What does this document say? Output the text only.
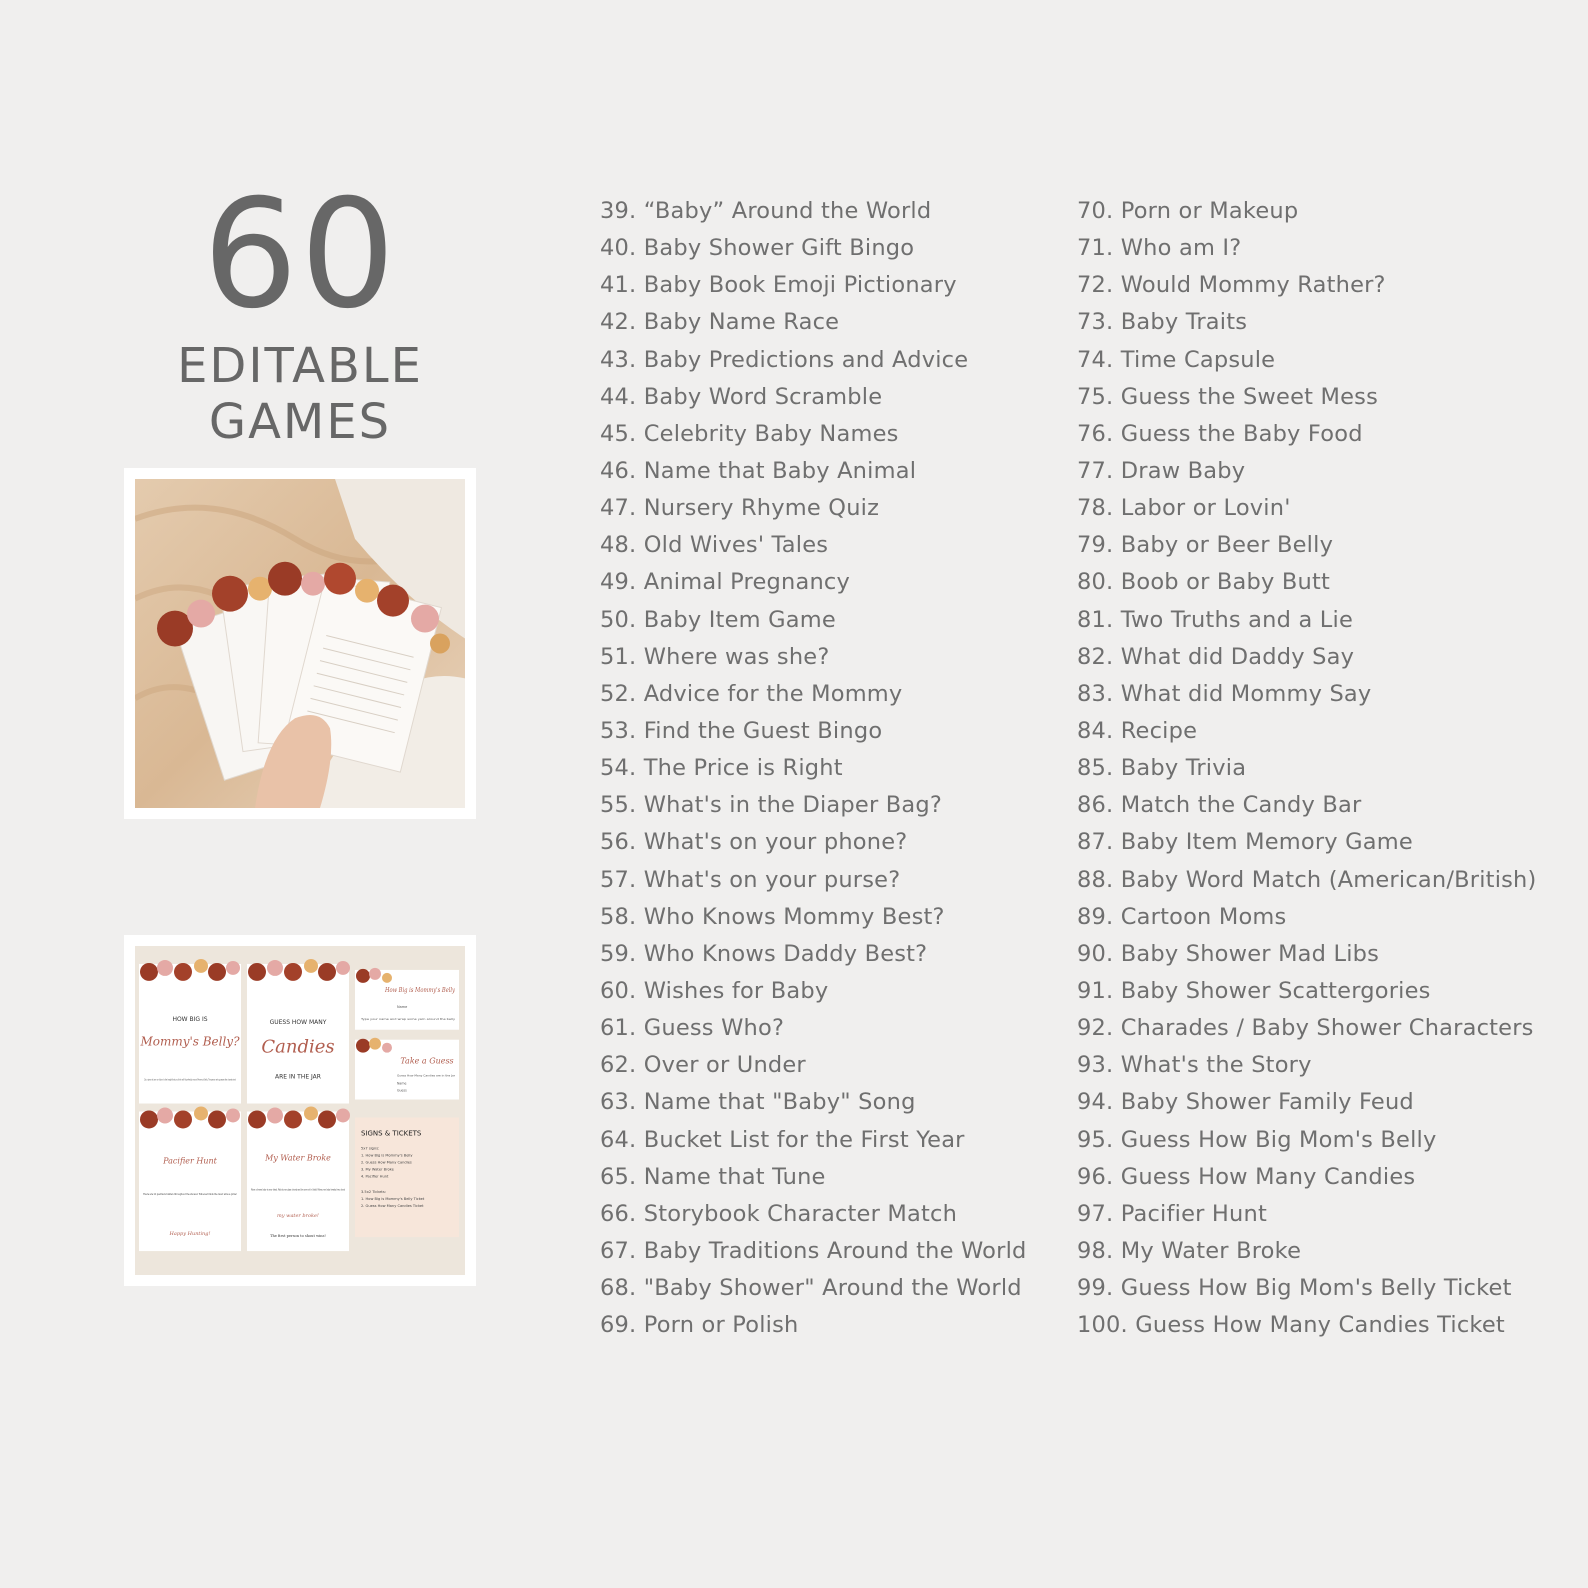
60
EDITABLE GAMES
HOW BIG IS
Mommy's Belly?
Cut a piece of yarn or ribbon to the length that you think will fit perfectly around Mommy's Belly. The person who guesses the closest wins!
GUESS HOW MANY
Candies
ARE IN THE JAR
How Big is Mommy's Belly
Name
Type your name and wrap some yarn around the belly
Take a Guess
Guess How Many Candies are in the Jar
Name
Guess
Pacifier Hunt
There are 22 pacifiers hidden throughout the shower. Whoever finds the most wins a prize!
Happy Hunting!
My Water Broke
Place a frozen baby in your drink. Watch your glass closely and be sure not to blink! When your baby breaks free, shout
my water broke!
The first person to shout wins!
SIGNS & TICKETS
5x7 signs:
1. How Big is Mommy's Belly
2. Guess How Many Candies
3. My Water Broke
4. Pacifier Hunt
3.5x2 Tickets:
1. How Big is Mommy's Belly Ticket
2. Guess How Many Candies Ticket
39. “Baby” Around the World
40. Baby Shower Gift Bingo
41. Baby Book Emoji Pictionary
42. Baby Name Race
43. Baby Predictions and Advice
44. Baby Word Scramble
45. Celebrity Baby Names
46. Name that Baby Animal
47. Nursery Rhyme Quiz
48. Old Wives' Tales
49. Animal Pregnancy
50. Baby Item Game
51. Where was she?
52. Advice for the Mommy
53. Find the Guest Bingo
54. The Price is Right
55. What's in the Diaper Bag?
56. What's on your phone?
57. What's on your purse?
58. Who Knows Mommy Best?
59. Who Knows Daddy Best?
60. Wishes for Baby
61. Guess Who?
62. Over or Under
63. Name that "Baby" Song
64. Bucket List for the First Year
65. Name that Tune
66. Storybook Character Match
67. Baby Traditions Around the World
68. "Baby Shower" Around the World
69. Porn or Polish
70. Porn or Makeup
71. Who am I?
72. Would Mommy Rather?
73. Baby Traits
74. Time Capsule
75. Guess the Sweet Mess
76. Guess the Baby Food
77. Draw Baby
78. Labor or Lovin'
79. Baby or Beer Belly
80. Boob or Baby Butt
81. Two Truths and a Lie
82. What did Daddy Say
83. What did Mommy Say
84. Recipe
85. Baby Trivia
86. Match the Candy Bar
87. Baby Item Memory Game
88. Baby Word Match (American/British)
89. Cartoon Moms
90. Baby Shower Mad Libs
91. Baby Shower Scattergories
92. Charades / Baby Shower Characters
93. What's the Story
94. Baby Shower Family Feud
95. Guess How Big Mom's Belly
96. Guess How Many Candies
97. Pacifier Hunt
98. My Water Broke
99. Guess How Big Mom's Belly Ticket
100. Guess How Many Candies Ticket
